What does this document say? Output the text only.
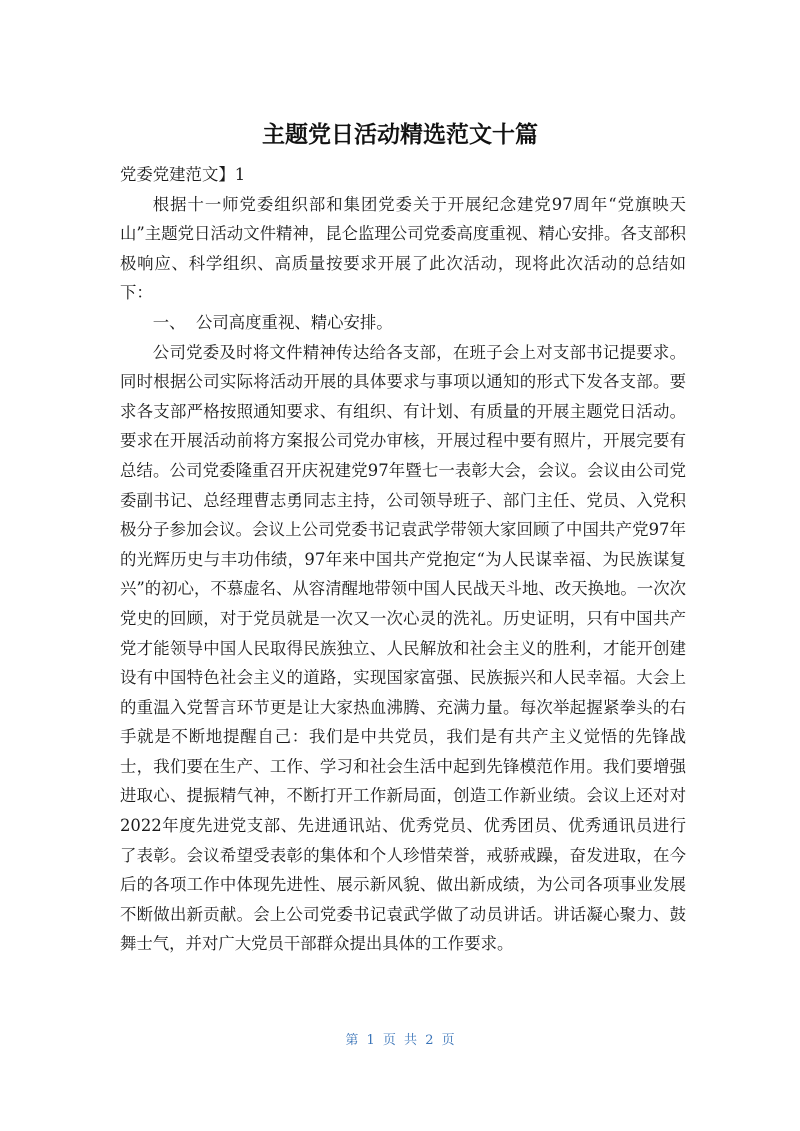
主题党日活动精选范文十篇

党委党建范文】1

根据十一师党委组织部和集团党委关于开展纪念建党97周年“党旗映天山”主题党日活动文件精神，昆仑监理公司党委高度重视、精心安排。各支部积极响应、科学组织、高质量按要求开展了此次活动，现将此次活动的总结如下：

一、  公司高度重视、精心安排。

公司党委及时将文件精神传达给各支部，在班子会上对支部书记提要求。同时根据公司实际将活动开展的具体要求与事项以通知的形式下发各支部。要求各支部严格按照通知要求、有组织、有计划、有质量的开展主题党日活动。要求在开展活动前将方案报公司党办审核，开展过程中要有照片，开展完要有总结。公司党委隆重召开庆祝建党97年暨七一表彰大会，会议。会议由公司党委副书记、总经理曹志勇同志主持，公司领导班子、部门主任、党员、入党积极分子参加会议。会议上公司党委书记袁武学带领大家回顾了中国共产党97年的光辉历史与丰功伟绩，97年来中国共产党抱定“为人民谋幸福、为民族谋复兴”的初心，不慕虚名、从容清醒地带领中国人民战天斗地、改天换地。一次次党史的回顾，对于党员就是一次又一次心灵的洗礼。历史证明，只有中国共产党才能领导中国人民取得民族独立、人民解放和社会主义的胜利，才能开创建设有中国特色社会主义的道路，实现国家富强、民族振兴和人民幸福。大会上的重温入党誓言环节更是让大家热血沸腾、充满力量。每次举起握紧拳头的右手就是不断地提醒自己：我们是中共党员，我们是有共产主义觉悟的先锋战士，我们要在生产、工作、学习和社会生活中起到先锋模范作用。我们要增强进取心、提振精气神，不断打开工作新局面，创造工作新业绩。会议上还对对2022年度先进党支部、先进通讯站、优秀党员、优秀团员、优秀通讯员进行了表彰。会议希望受表彰的集体和个人珍惜荣誉，戒骄戒躁，奋发进取，在今后的各项工作中体现先进性、展示新风貌、做出新成绩，为公司各项事业发展不断做出新贡献。会上公司党委书记袁武学做了动员讲话。讲话凝心聚力、鼓舞士气，并对广大党员干部群众提出具体的工作要求。

第 1 页 共 2 页
